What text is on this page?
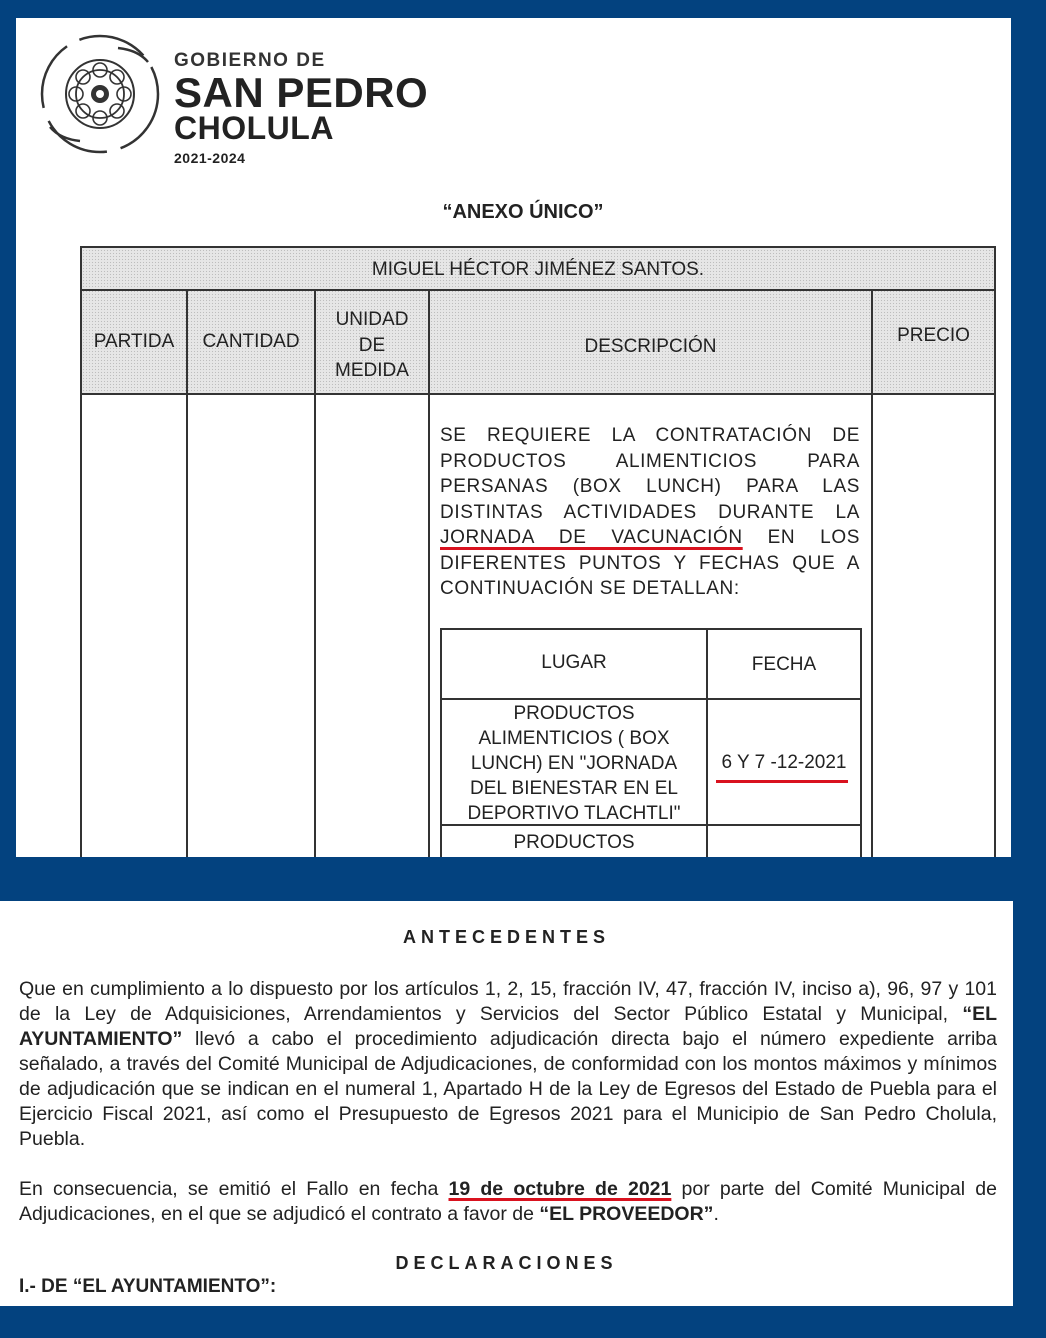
GOBIERNO DE
SAN PEDRO
CHOLULA
2021-2024
“ANEXO ÚNICO”
MIGUEL HÉCTOR JIMÉNEZ SANTOS.
PARTIDA	CANTIDAD
UNIDAD
DE
MEDIDA
DESCRIPCIÓN
PRECIO
SE REQUIERE LA CONTRATACIÓN DE PRODUCTOS ALIMENTICIOS PARA PERSANAS (BOX LUNCH) PARA LAS DISTINTAS ACTIVIDADES DURANTE LA JORNADA DE VACUNACIÓN EN LOS DIFERENTES PUNTOS Y FECHAS QUE A CONTINUACIÓN SE DETALLAN:
LUGAR	FECHA
PRODUCTOS
ALIMENTICIOS ( BOX
LUNCH) EN "JORNADA
DEL BIENESTAR EN EL
DEPORTIVO TLACHTLI"
6 Y 7 -12-2021
PRODUCTOS
ANTECEDENTES
Que en cumplimiento a lo dispuesto por los artículos 1, 2, 15, fracción IV, 47, fracción IV, inciso a), 96, 97 y 101 de la Ley de Adquisiciones, Arrendamientos y Servicios del Sector Público Estatal y Municipal, “EL AYUNTAMIENTO” llevó a cabo el procedimiento adjudicación directa bajo el número expediente arriba señalado, a través del Comité Municipal de Adjudicaciones, de conformidad con los montos máximos y mínimos de adjudicación que se indican en el numeral 1, Apartado H de la Ley de Egresos del Estado de Puebla para el Ejercicio Fiscal 2021, así como el Presupuesto de Egresos 2021 para el Municipio de San Pedro Cholula, Puebla.
En consecuencia, se emitió el Fallo en fecha 19 de octubre de 2021 por parte del Comité Municipal de Adjudicaciones, en el que se adjudicó el contrato a favor de “EL PROVEEDOR”.
DECLARACIONES
I.- DE “EL AYUNTAMIENTO”:
